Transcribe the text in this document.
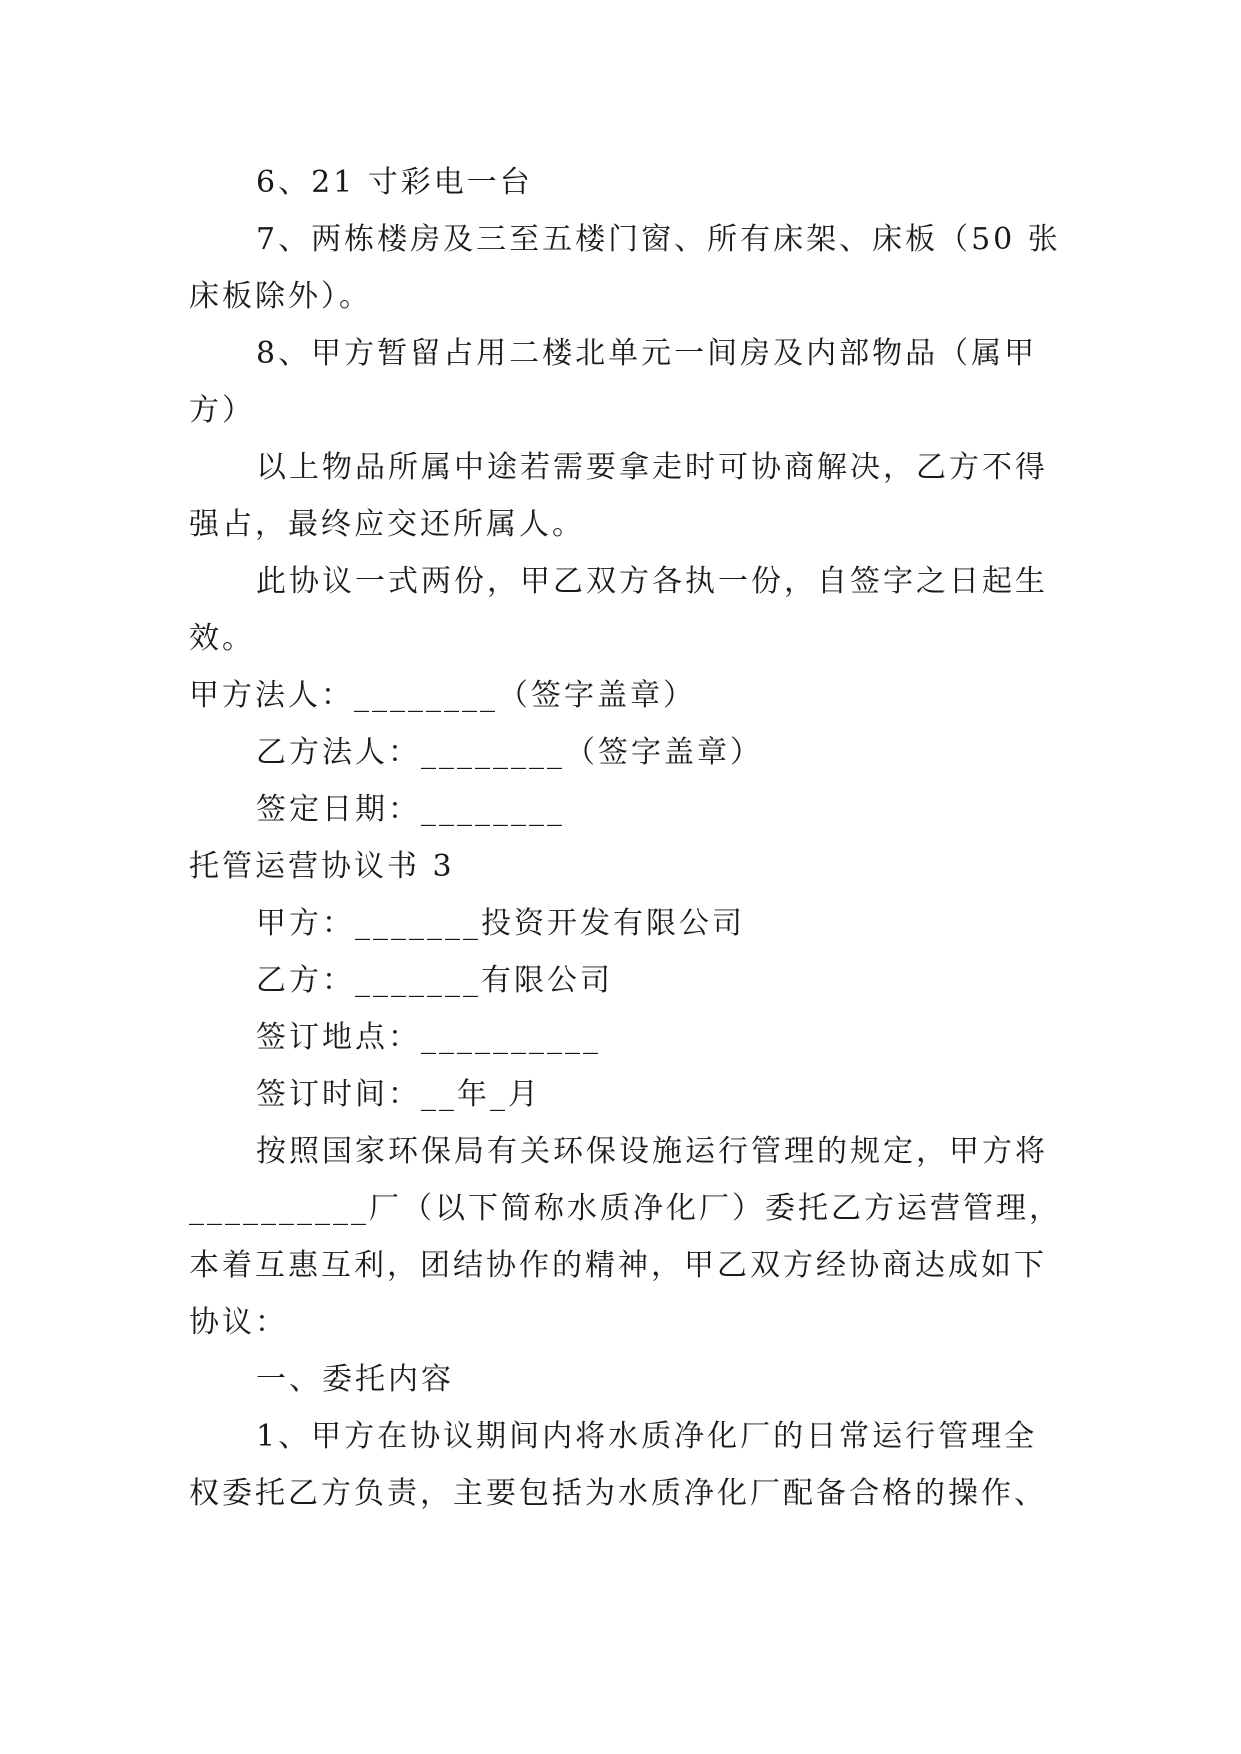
6、21 寸彩电一台
7、两栋楼房及三至五楼门窗、所有床架、床板（50 张
床板除外）。
8、甲方暂留占用二楼北单元一间房及内部物品（属甲
方）
以上物品所属中途若需要拿走时可协商解决，乙方不得
强占，最终应交还所属人。
此协议一式两份，甲乙双方各执一份，自签字之日起生
效。
甲方法人：________（签字盖章）
乙方法人：________（签字盖章）
签定日期：________
托管运营协议书 3
甲方：_______投资开发有限公司
乙方：_______有限公司
签订地点：__________
签订时间：__年_月
按照国家环保局有关环保设施运行管理的规定，甲方将
__________厂（以下简称水质净化厂）委托乙方运营管理，
本着互惠互利，团结协作的精神，甲乙双方经协商达成如下
协议：
一、委托内容
1、甲方在协议期间内将水质净化厂的日常运行管理全
权委托乙方负责，主要包括为水质净化厂配备合格的操作、
